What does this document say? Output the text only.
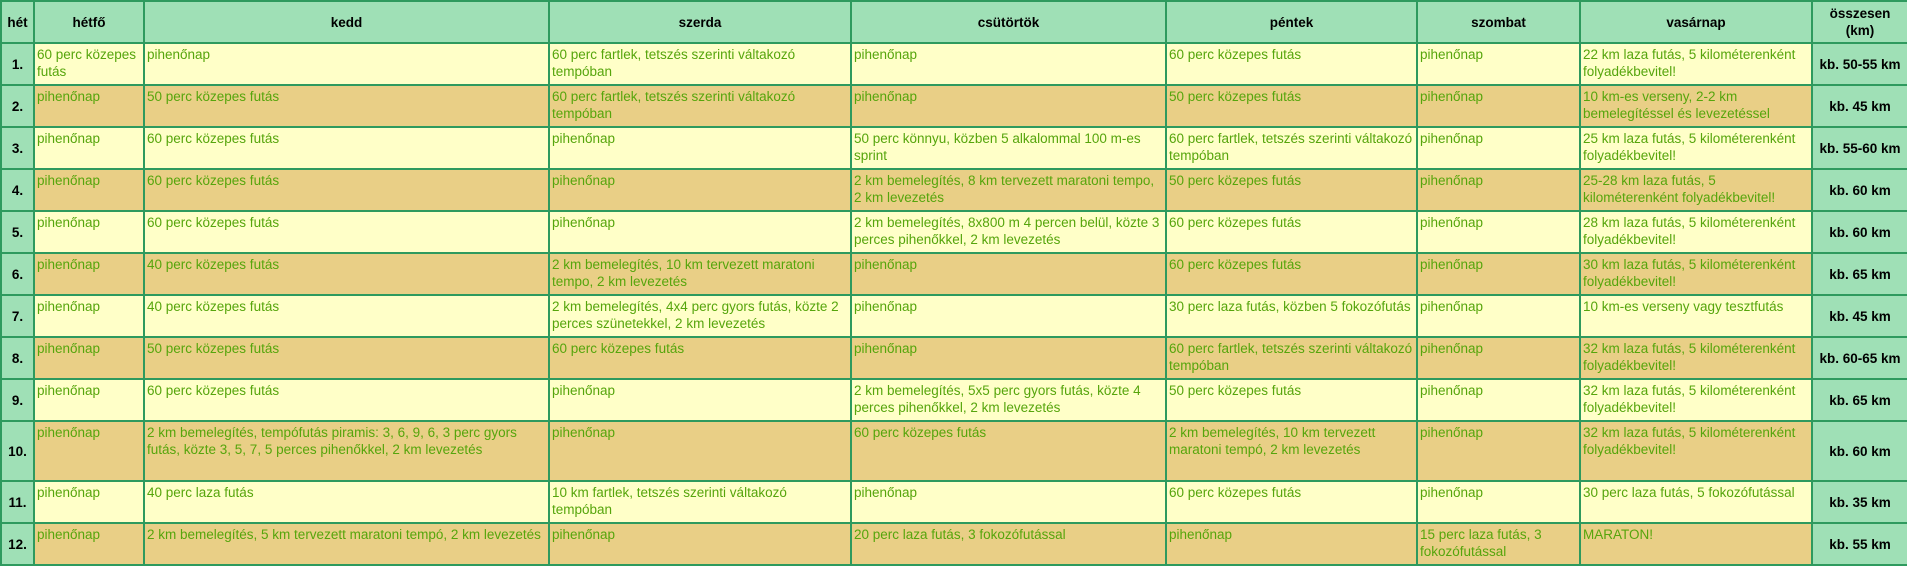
hét	hétfő	kedd	szerda	csütörtök	péntek	szombat	vasárnap	összesen (km)
1.	60 perc közepes futás	pihenőnap	60 perc fartlek, tetszés szerinti váltakozó tempóban	pihenőnap	60 perc közepes futás	pihenőnap	22 km laza futás, 5 kilométerenként folyadékbevitel!	kb. 50-55 km
2.	pihenőnap	50 perc közepes futás	60 perc fartlek, tetszés szerinti váltakozó tempóban	pihenőnap	50 perc közepes futás	pihenőnap	10 km-es verseny, 2-2 km bemelegítéssel és levezetéssel	kb. 45 km
3.	pihenőnap	60 perc közepes futás	pihenőnap	50 perc könnyu, közben 5 alkalommal 100 m-es sprint	60 perc fartlek, tetszés szerinti váltakozó tempóban	pihenőnap	25 km laza futás, 5 kilométerenként folyadékbevitel!	kb. 55-60 km
4.	pihenőnap	60 perc közepes futás	pihenőnap	2 km bemelegítés, 8 km tervezett maratoni tempo, 2 km levezetés	50 perc közepes futás	pihenőnap	25-28 km laza futás, 5 kilométerenként folyadékbevitel!	kb. 60 km
5.	pihenőnap	60 perc közepes futás	pihenőnap	2 km bemelegítés, 8x800 m 4 percen belül, közte 3 perces pihenőkkel, 2 km levezetés	60 perc közepes futás	pihenőnap	28 km laza futás, 5 kilométerenként folyadékbevitel!	kb. 60 km
6.	pihenőnap	40 perc közepes futás	2 km bemelegítés, 10 km tervezett maratoni tempo, 2 km levezetés	pihenőnap	60 perc közepes futás	pihenőnap	30 km laza futás, 5 kilométerenként folyadékbevitel!	kb. 65 km
7.	pihenőnap	40 perc közepes futás	2 km bemelegítés, 4x4 perc gyors futás, közte 2 perces szünetekkel, 2 km levezetés	pihenőnap	30 perc laza futás, közben 5 fokozófutás	pihenőnap	10 km-es verseny vagy tesztfutás	kb. 45 km
8.	pihenőnap	50 perc közepes futás	60 perc közepes futás	pihenőnap	60 perc fartlek, tetszés szerinti váltakozó tempóban	pihenőnap	32 km laza futás, 5 kilométerenként folyadékbevitel!	kb. 60-65 km
9.	pihenőnap	60 perc közepes futás	pihenőnap	2 km bemelegítés, 5x5 perc gyors futás, közte 4 perces pihenőkkel, 2 km levezetés	50 perc közepes futás	pihenőnap	32 km laza futás, 5 kilométerenként folyadékbevitel!	kb. 65 km
10.	pihenőnap	2 km bemelegítés, tempófutás piramis: 3, 6, 9, 6, 3 perc gyors futás, közte 3, 5, 7, 5 perces pihenőkkel, 2 km levezetés	pihenőnap	60 perc közepes futás	2 km bemelegítés, 10 km tervezett maratoni tempó, 2 km levezetés	pihenőnap	32 km laza futás, 5 kilométerenként folyadékbevitel!	kb. 60 km
11.	pihenőnap	40 perc laza futás	10 km fartlek, tetszés szerinti váltakozó tempóban	pihenőnap	60 perc közepes futás	pihenőnap	30 perc laza futás, 5 fokozófutással	kb. 35 km
12.	pihenőnap	2 km bemelegítés, 5 km tervezett maratoni tempó, 2 km levezetés	pihenőnap	20 perc laza futás, 3 fokozófutással	pihenőnap	15 perc laza futás, 3 fokozófutással	MARATON!	kb. 55 km
